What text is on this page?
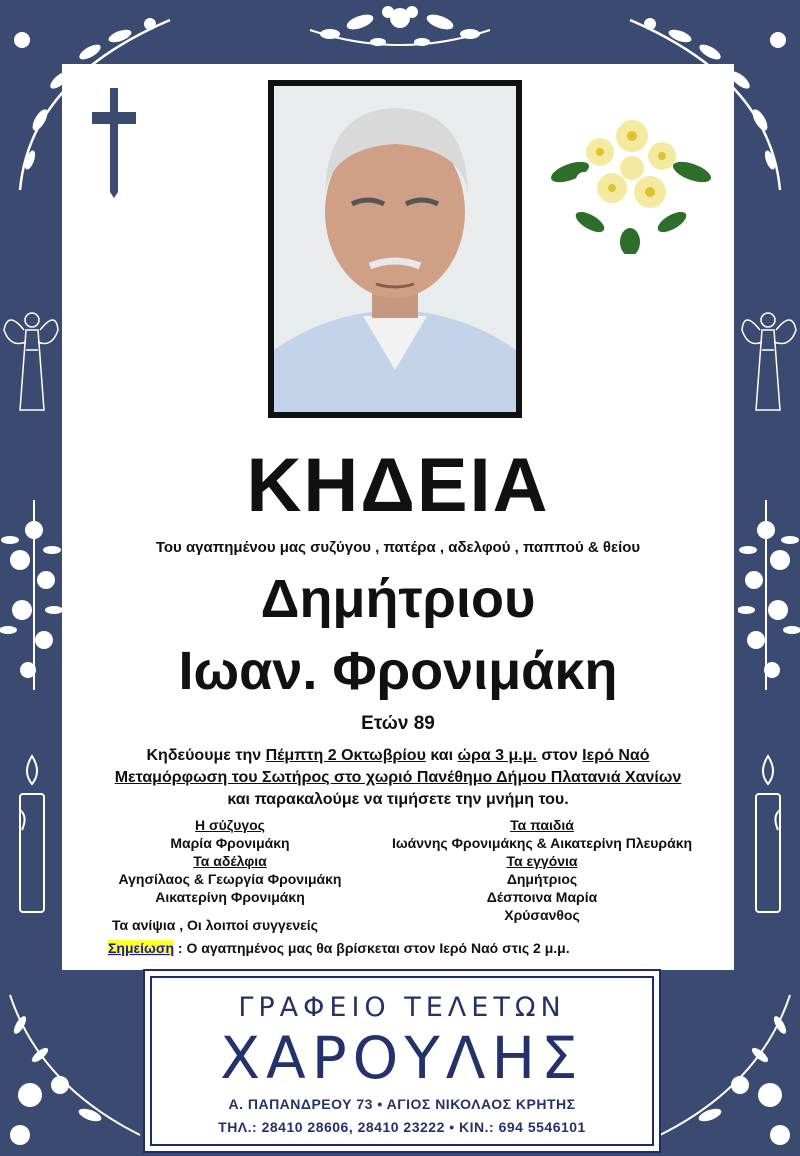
ΚΗΔΕΙΑ
Του αγαπημένου μας συζύγου , πατέρα , αδελφού , παππού & θείου
Δημήτριου
Ιωαν. Φρονιμάκη
Ετών 89
Κηδεύουμε την Πέμπτη 2 Οκτωβρίου και ώρα 3 μ.μ. στον Ιερό Ναό
Μεταμόρφωση του Σωτήρος στο χωριό Πανέθημο Δήμου Πλατανιά Χανίων
και παρακαλούμε να τιμήσετε την μνήμη του.
Η σύζυγος
Μαρία Φρονιμάκη
Τα αδέλφια
Αγησίλαος & Γεωργία Φρονιμάκη
Αικατερίνη Φρονιμάκη
Τα παιδιά
Ιωάννης Φρονιμάκης & Αικατερίνη Πλευράκη
Τα εγγόνια
Δημήτριος
Δέσποινα Μαρία
Χρύσανθος
Τα ανίψια , Οι λοιποί συγγενείς
Σημείωση : Ο αγαπημένος μας θα βρίσκεται στον Ιερό Ναό στις 2 μ.μ.
ΓΡΑΦΕΙΟ ΤΕΛΕΤΩΝ
ΧΑΡΟΥΛΗΣ
Α. ΠΑΠΑΝΔΡΕΟΥ 73 • ΑΓΙΟΣ ΝΙΚΟΛΑΟΣ ΚΡΗΤΗΣ
ΤΗΛ.: 28410 28606, 28410 23222 • ΚΙΝ.: 694 5546101
